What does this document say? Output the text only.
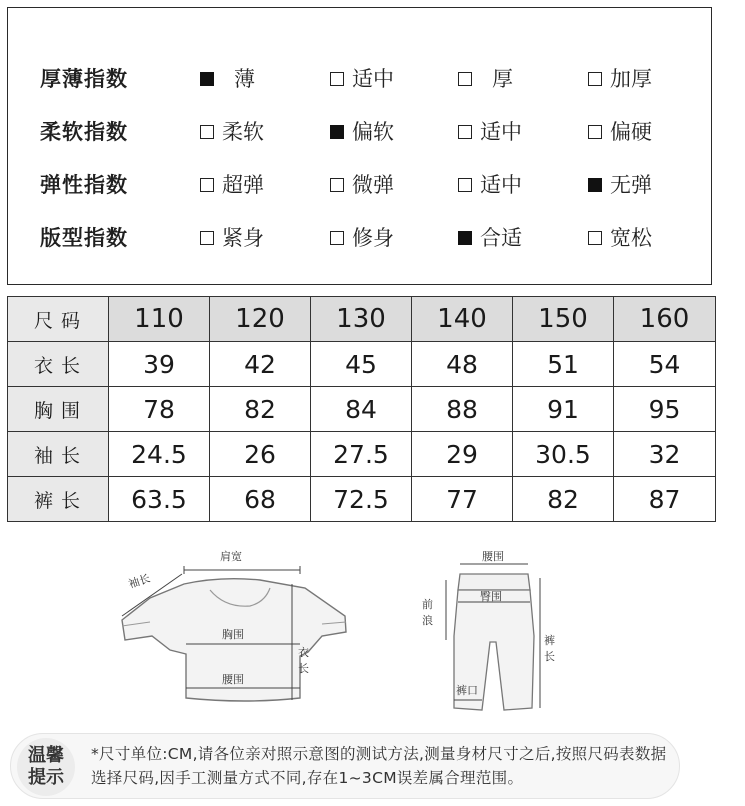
厚薄指数	薄	适中	厚	加厚
柔软指数	柔软	偏软	适中	偏硬
弹性指数	超弹	微弹	适中	无弹
版型指数	紧身	修身	合适	宽松
尺码	110	120	130	140	150	160
衣长	39	42	45	48	51	54
胸围	78	82	84	88	91	95
袖长	24.5	26	27.5	29	30.5	32
裤长	63.5	68	72.5	77	82	87
肩宽
袖长
胸围
腰围
衣
长
腰围
臀围
前
浪
裤
长
裤口
温馨
提示
*尺寸单位:CM,请各位亲对照示意图的测试方法,测量身材尺寸之后,按照尺码表数据选择尺码,因手工测量方式不同,存在1~3CM误差属合理范围。
